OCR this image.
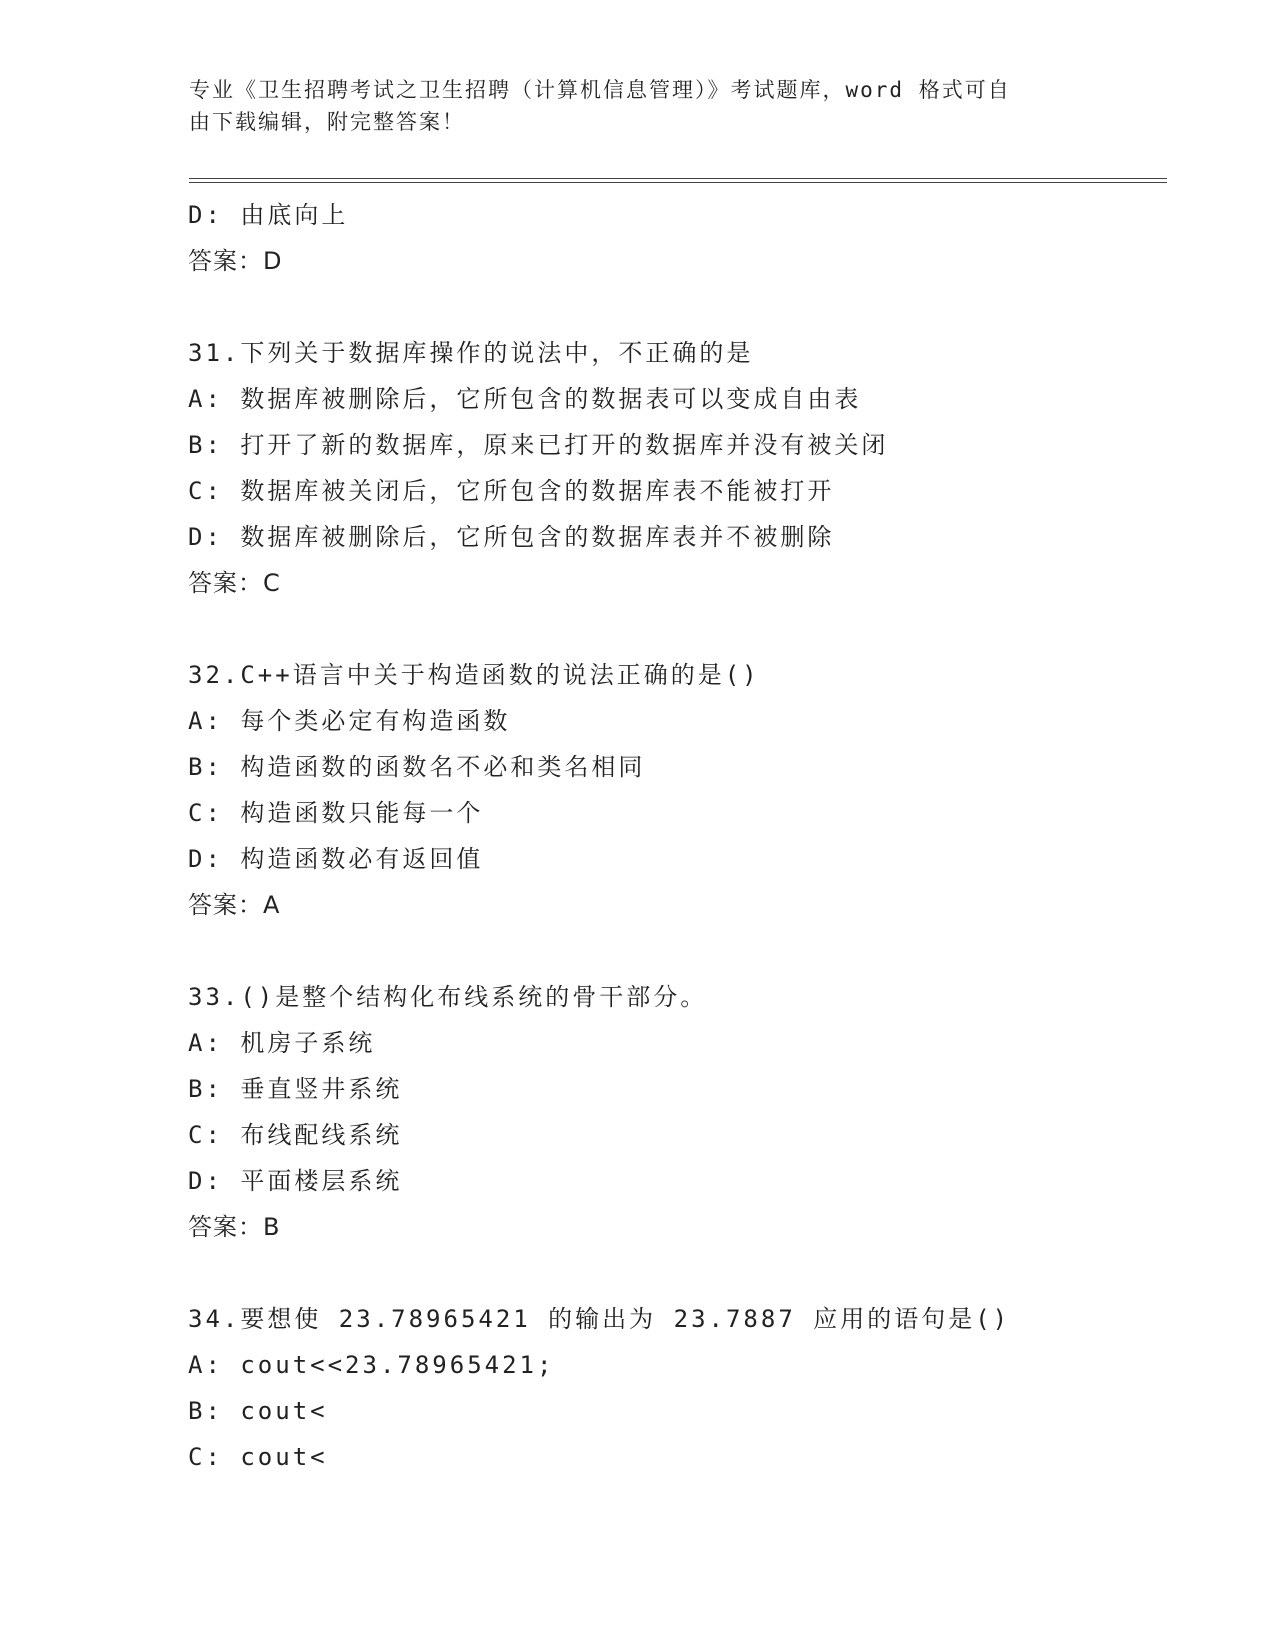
专业《卫生招聘考试之卫生招聘（计算机信息管理）》考试题库，word 格式可自
由下载编辑，附完整答案！
D: 由底向上
答案：D
31.下列关于数据库操作的说法中，不正确的是
A: 数据库被删除后，它所包含的数据表可以变成自由表
B: 打开了新的数据库，原来已打开的数据库并没有被关闭
C: 数据库被关闭后，它所包含的数据库表不能被打开
D: 数据库被删除后，它所包含的数据库表并不被删除
答案：C
32.C++语言中关于构造函数的说法正确的是()
A: 每个类必定有构造函数
B: 构造函数的函数名不必和类名相同
C: 构造函数只能每一个
D: 构造函数必有返回值
答案：A
33.()是整个结构化布线系统的骨干部分。
A: 机房子系统
B: 垂直竖井系统
C: 布线配线系统
D: 平面楼层系统
答案：B
34.要想使 23.78965421 的输出为 23.7887 应用的语句是()
A: cout<<23.78965421;
B: cout<
C: cout<
